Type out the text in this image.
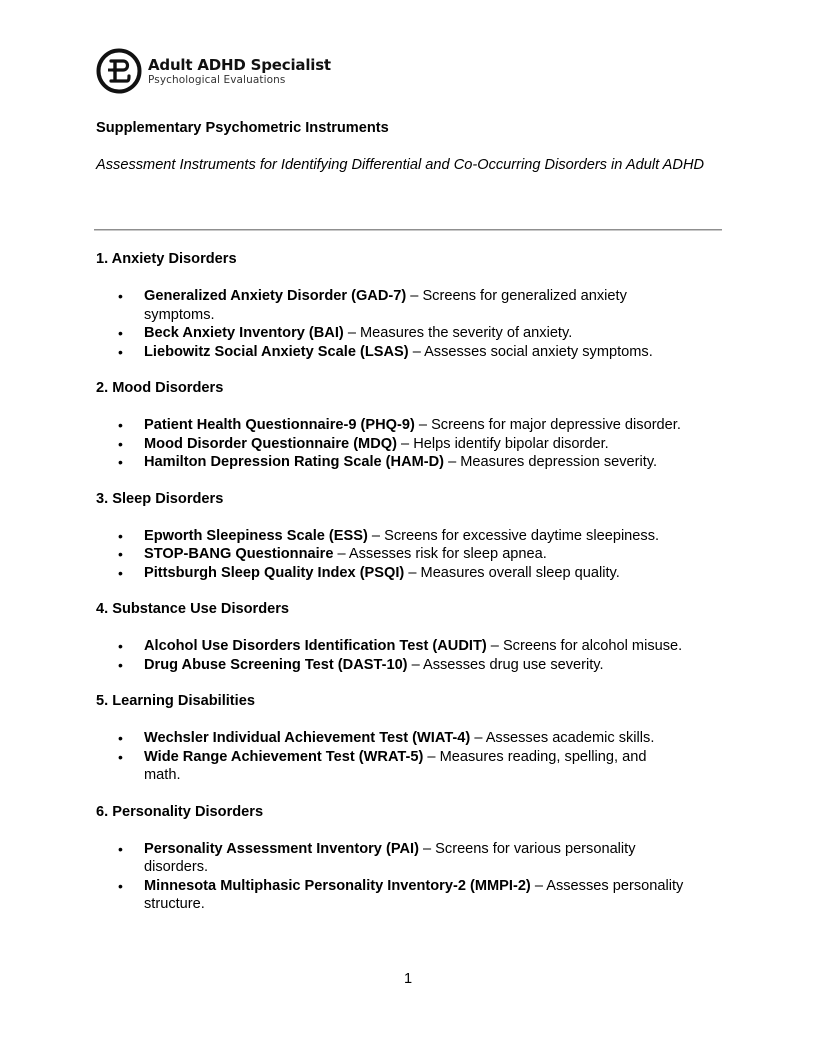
Adult ADHD Specialist
Psychological Evaluations
Supplementary Psychometric Instruments

Assessment Instruments for Identifying Differential and Co-Occurring Disorders in Adult ADHD

1. Anxiety Disorders
• Generalized Anxiety Disorder (GAD-7) – Screens for generalized anxiety symptoms.
• Beck Anxiety Inventory (BAI) – Measures the severity of anxiety.
• Liebowitz Social Anxiety Scale (LSAS) – Assesses social anxiety symptoms.
2. Mood Disorders
• Patient Health Questionnaire-9 (PHQ-9) – Screens for major depressive disorder.
• Mood Disorder Questionnaire (MDQ) – Helps identify bipolar disorder.
• Hamilton Depression Rating Scale (HAM-D) – Measures depression severity.
3. Sleep Disorders
• Epworth Sleepiness Scale (ESS) – Screens for excessive daytime sleepiness.
• STOP-BANG Questionnaire – Assesses risk for sleep apnea.
• Pittsburgh Sleep Quality Index (PSQI) – Measures overall sleep quality.
4. Substance Use Disorders
• Alcohol Use Disorders Identification Test (AUDIT) – Screens for alcohol misuse.
• Drug Abuse Screening Test (DAST-10) – Assesses drug use severity.
5. Learning Disabilities
• Wechsler Individual Achievement Test (WIAT-4) – Assesses academic skills.
• Wide Range Achievement Test (WRAT-5) – Measures reading, spelling, and math.
6. Personality Disorders
• Personality Assessment Inventory (PAI) – Screens for various personality disorders.
• Minnesota Multiphasic Personality Inventory-2 (MMPI-2) – Assesses personality structure.
1
